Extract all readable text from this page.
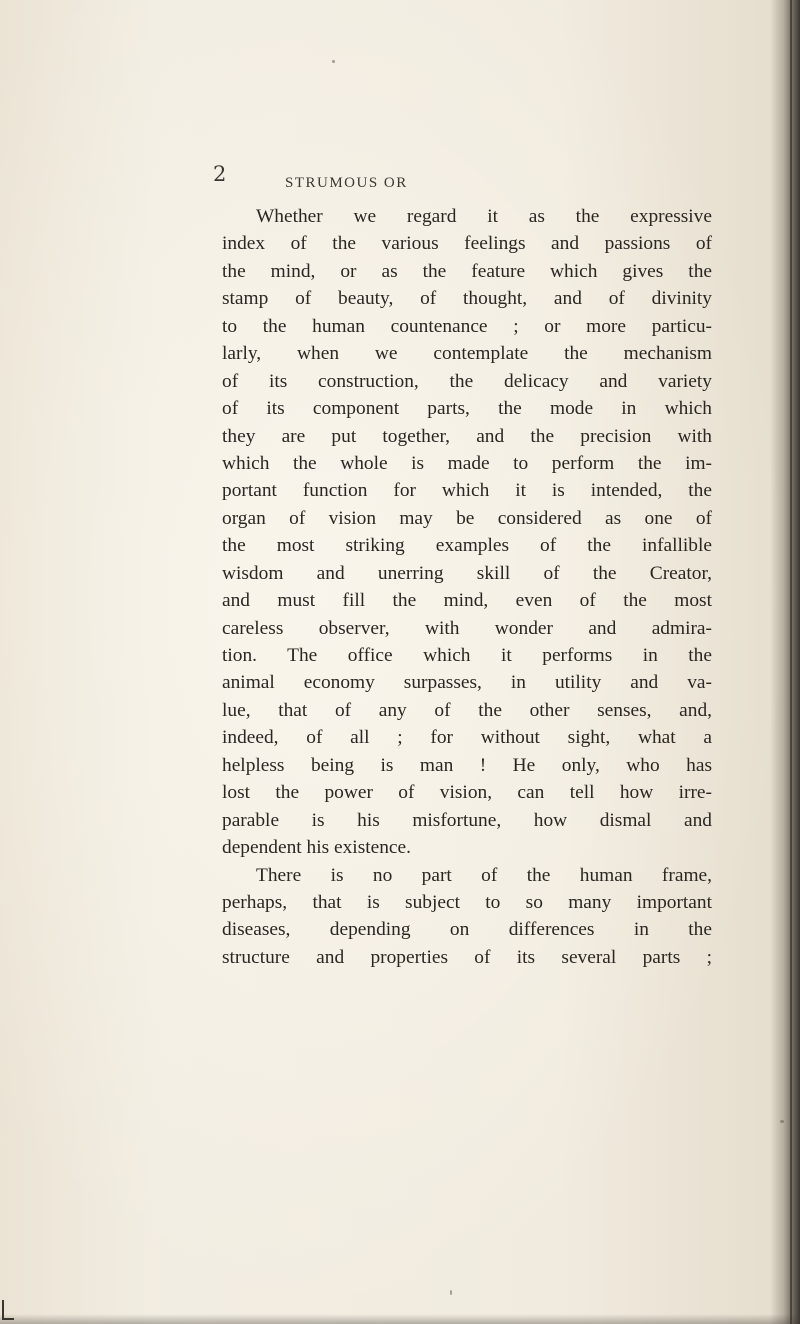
2	STRUMOUS OR
Whether we regard it as the expressive
index of the various feelings and passions of
the mind, or as the feature which gives the
stamp of beauty, of thought, and of divinity
to the human countenance ; or more particu-
larly, when we contemplate the mechanism
of its construction, the delicacy and variety
of its component parts, the mode in which
they are put together, and the precision with
which the whole is made to perform the im-
portant function for which it is intended, the
organ of vision may be considered as one of
the most striking examples of the infallible
wisdom and unerring skill of the Creator,
and must fill the mind, even of the most
careless observer, with wonder and admira-
tion. The office which it performs in the
animal economy surpasses, in utility and va-
lue, that of any of the other senses, and,
indeed, of all ; for without sight, what a
helpless being is man ! He only, who has
lost the power of vision, can tell how irre-
parable is his misfortune, how dismal and
dependent his existence.
There is no part of the human frame,
perhaps, that is subject to so many important
diseases, depending on differences in the
structure and properties of its several parts ;
